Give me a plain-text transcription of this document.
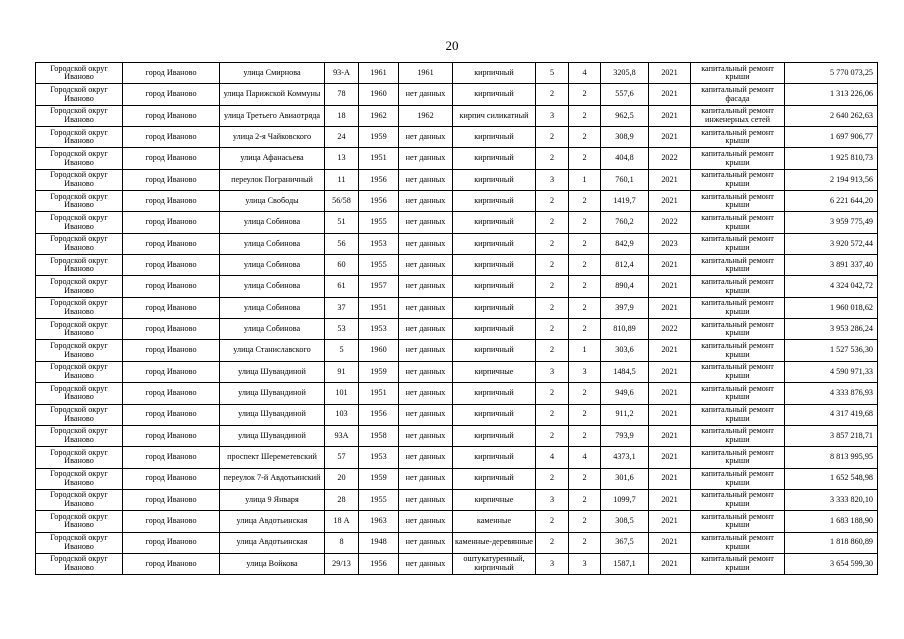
20
Городской округ Иваново	город Иваново	улица Смирнова	93-А	1961	1961	кирпичный	5	4	3205,8	2021	капитальный ремонт крыши	5 770 073,25
Городской округ Иваново	город Иваново	улица Парижской Коммуны	78	1960	нет данных	кирпичный	2	2	557,6	2021	капитальный ремонт фасада	1 313 226,06
Городской округ Иваново	город Иваново	улица Третьего Авиаотряда	18	1962	1962	кирпич силикатный	3	2	962,5	2021	капитальный ремонт инженерных сетей	2 640 262,63
Городской округ Иваново	город Иваново	улица 2-я Чайковского	24	1959	нет данных	кирпичный	2	2	308,9	2021	капитальный ремонт крыши	1 697 906,77
Городской округ Иваново	город Иваново	улица Афанасьева	13	1951	нет данных	кирпичный	2	2	404,8	2022	капитальный ремонт крыши	1 925 810,73
Городской округ Иваново	город Иваново	переулок Пограничный	11	1956	нет данных	кирпичный	3	1	760,1	2021	капитальный ремонт крыши	2 194 913,56
Городской округ Иваново	город Иваново	улица Свободы	56/58	1956	нет данных	кирпичный	2	2	1419,7	2021	капитальный ремонт крыши	6 221 644,20
Городской округ Иваново	город Иваново	улица Собинова	51	1955	нет данных	кирпичный	2	2	760,2	2022	капитальный ремонт крыши	3 959 775,49
Городской округ Иваново	город Иваново	улица Собинова	56	1953	нет данных	кирпичный	2	2	842,9	2023	капитальный ремонт крыши	3 920 572,44
Городской округ Иваново	город Иваново	улица Собинова	60	1955	нет данных	кирпичный	2	2	812,4	2021	капитальный ремонт крыши	3 891 337,40
Городской округ Иваново	город Иваново	улица Собинова	61	1957	нет данных	кирпичный	2	2	890,4	2021	капитальный ремонт крыши	4 324 042,72
Городской округ Иваново	город Иваново	улица Собинова	37	1951	нет данных	кирпичный	2	2	397,9	2021	капитальный ремонт крыши	1 960 018,62
Городской округ Иваново	город Иваново	улица Собинова	53	1953	нет данных	кирпичный	2	2	810,89	2022	капитальный ремонт крыши	3 953 286,24
Городской округ Иваново	город Иваново	улица Станиславского	5	1960	нет данных	кирпичный	2	1	303,6	2021	капитальный ремонт крыши	1 527 536,30
Городской округ Иваново	город Иваново	улица Шувандиной	91	1959	нет данных	кирпичные	3	3	1484,5	2021	капитальный ремонт крыши	4 590 971,33
Городской округ Иваново	город Иваново	улица Шувандиной	101	1951	нет данных	кирпичный	2	2	949,6	2021	капитальный ремонт крыши	4 333 876,93
Городской округ Иваново	город Иваново	улица Шувандиной	103	1956	нет данных	кирпичный	2	2	911,2	2021	капитальный ремонт крыши	4 317 419,68
Городской округ Иваново	город Иваново	улица Шувандиной	93А	1958	нет данных	кирпичный	2	2	793,9	2021	капитальный ремонт крыши	3 857 218,71
Городской округ Иваново	город Иваново	проспект Шереметевский	57	1953	нет данных	кирпичный	4	4	4373,1	2021	капитальный ремонт крыши	8 813 995,95
Городской округ Иваново	город Иваново	переулок 7-й Авдотьинский	20	1959	нет данных	кирпичный	2	2	301,6	2021	капитальный ремонт крыши	1 652 548,98
Городской округ Иваново	город Иваново	улица 9 Января	28	1955	нет данных	кирпичные	3	2	1099,7	2021	капитальный ремонт крыши	3 333 820,10
Городской округ Иваново	город Иваново	улица Авдотьинская	18 А	1963	нет данных	каменные	2	2	308,5	2021	капитальный ремонт крыши	1 683 188,90
Городской округ Иваново	город Иваново	улица Авдотьинская	8	1948	нет данных	каменные-деревянные	2	2	367,5	2021	капитальный ремонт крыши	1 818 860,89
Городской округ Иваново	город Иваново	улица Войкова	29/13	1956	нет данных	оштукатуренный, кирпичный	3	3	1587,1	2021	капитальный ремонт крыши	3 654 599,30
